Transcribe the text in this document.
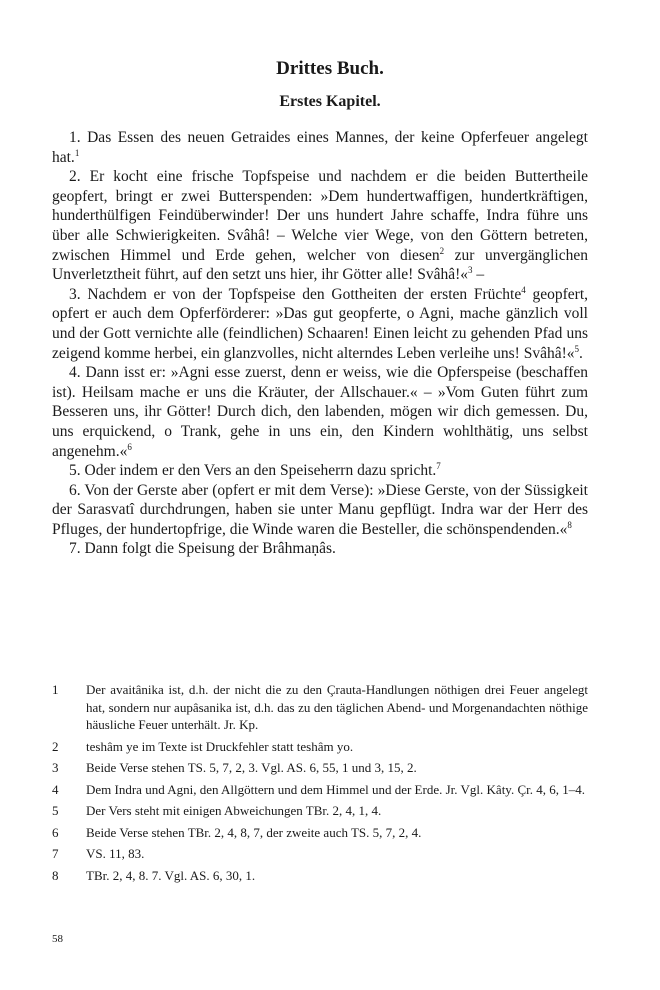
Drittes Buch.
Erstes Kapitel.

1. Das Essen des neuen Getraides eines Mannes, der keine Opferfeuer angelegt hat.$^1$

2. Er kocht eine frische Topfspeise und nachdem er die beiden Buttertheile geopfert, bringt er zwei Butterspenden: »Dem hundertwaffigen, hundertkräftigen, hunderthülfigen Feindüberwinder! Der uns hundert Jahre schaffe, Indra führe uns über alle Schwierigkeiten. Svâhâ! – Welche vier Wege, von den Göttern betreten, zwischen Himmel und Erde gehen, welcher von diesen$^2$ zur unvergänglichen Unverletztheit führt, auf den setzt uns hier, ihr Götter alle! Svâhâ!«$^3$ –

3. Nachdem er von der Topfspeise den Gottheiten der ersten Früchte$^4$ geopfert, opfert er auch dem Opferförderer: »Das gut geopferte, o Agni, mache gänzlich voll und der Gott vernichte alle (feindlichen) Schaaren! Einen leicht zu gehenden Pfad uns zeigend komme herbei, ein glanzvolles, nicht alterndes Leben verleihe uns! Svâhâ!«$^5$.

4. Dann isst er: »Agni esse zuerst, denn er weiss, wie die Opferspeise (beschaffen ist). Heilsam mache er uns die Kräuter, der Allschauer.« – »Vom Guten führt zum Besseren uns, ihr Götter! Durch dich, den labenden, mögen wir dich gemessen. Du, uns erquickend, o Trank, gehe in uns ein, den Kindern wohlthätig, uns selbst angenehm.«$^6$

5. Oder indem er den Vers an den Speiseherrn dazu spricht.$^7$

6. Von der Gerste aber (opfert er mit dem Verse): »Diese Gerste, von der Süssigkeit der Sarasvatî durchdrungen, haben sie unter Manu gepflügt. Indra war der Herr des Pfluges, der hundertopfrige, die Winde waren die Besteller, die schönspendenden.«$^8$

7. Dann folgt die Speisung der Brâhmaṇâs.

1	Der avaitânika ist, d.h. der nicht die zu den Çrauta-Handlungen nöthigen drei Feuer angelegt hat, sondern nur aupâsanika ist, d.h. das zu den täglichen Abend- und Morgenandachten nöthige häusliche Feuer unterhält. Jr. Kp.
2	teshâm ye im Texte ist Druckfehler statt teshâm yo.
3	Beide Verse stehen TS. 5, 7, 2, 3. Vgl. AS. 6, 55, 1 und 3, 15, 2.
4	Dem Indra und Agni, den Allgöttern und dem Himmel und der Erde. Jr. Vgl. Kâty. Çr. 4, 6, 1–4.
5	Der Vers steht mit einigen Abweichungen TBr. 2, 4, 1, 4.
6	Beide Verse stehen TBr. 2, 4, 8, 7, der zweite auch TS. 5, 7, 2, 4.
7	VS. 11, 83.
8	TBr. 2, 4, 8. 7. Vgl. AS. 6, 30, 1.
58
